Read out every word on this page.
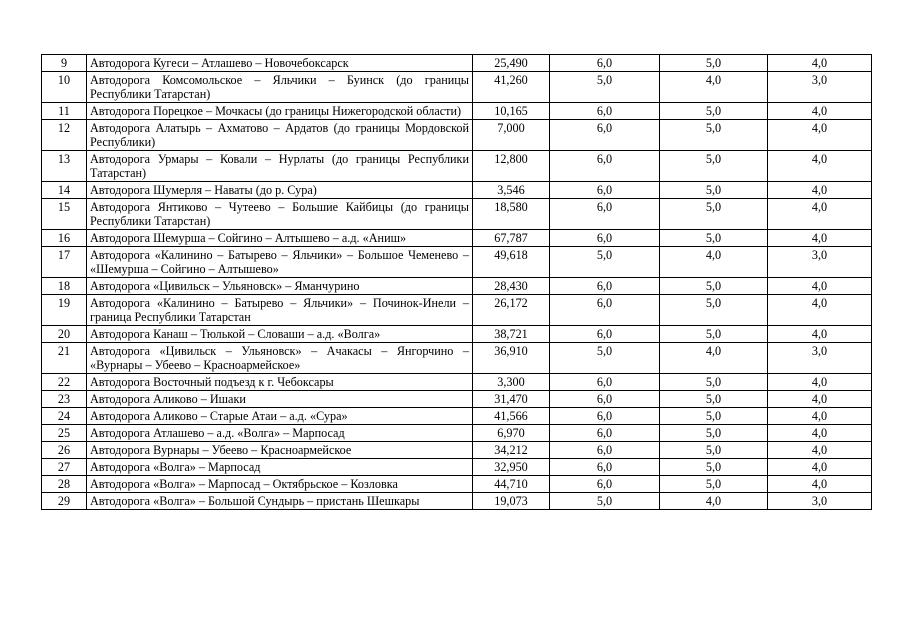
9	Автодорога Кугеси – Атлашево – Новочебоксарск	25,490	6,0	5,0	4,0
10	Автодорога Комсомольское – Яльчики – Буинск (до границы Республики Татарстан)	41,260	5,0	4,0	3,0
11	Автодорога Порецкое – Мочкасы (до границы Нижегородской области)	10,165	6,0	5,0	4,0
12	Автодорога Алатырь – Ахматово – Ардатов (до границы Мордовской Республики)	7,000	6,0	5,0	4,0
13	Автодорога Урмары – Ковали – Нурлаты (до границы Республики Татарстан)	12,800	6,0	5,0	4,0
14	Автодорога Шумерля – Наваты (до р. Сура)	3,546	6,0	5,0	4,0
15	Автодорога Янтиково – Чутеево – Большие Кайбицы (до границы Республики Татарстан)	18,580	6,0	5,0	4,0
16	Автодорога Шемурша – Сойгино – Алтышево – а.д. «Аниш»	67,787	6,0	5,0	4,0
17	Автодорога «Калинино – Батырево – Яльчики» – Большое Чеменево – «Шемурша – Сойгино – Алтышево»	49,618	5,0	4,0	3,0
18	Автодорога «Цивильск – Ульяновск» – Яманчурино	28,430	6,0	5,0	4,0
19	Автодорога «Калинино – Батырево – Яльчики» – Починок-Инели – граница Республики Татарстан	26,172	6,0	5,0	4,0
20	Автодорога Канаш – Тюлькой – Словаши – а.д. «Волга»	38,721	6,0	5,0	4,0
21	Автодорога «Цивильск – Ульяновск» – Ачакасы – Янгорчино – «Вурнары – Убеево – Красноармейское»	36,910	5,0	4,0	3,0
22	Автодорога Восточный подъезд к г. Чебоксары	3,300	6,0	5,0	4,0
23	Автодорога Аликово – Ишаки	31,470	6,0	5,0	4,0
24	Автодорога Аликово – Старые Атаи – а.д. «Сура»	41,566	6,0	5,0	4,0
25	Автодорога Атлашево – а.д. «Волга» – Марпосад	6,970	6,0	5,0	4,0
26	Автодорога Вурнары – Убеево – Красноармейское	34,212	6,0	5,0	4,0
27	Автодорога «Волга» – Марпосад	32,950	6,0	5,0	4,0
28	Автодорога «Волга» – Марпосад – Октябрьское – Козловка	44,710	6,0	5,0	4,0
29	Автодорога «Волга» – Большой Сундырь – пристань Шешкары	19,073	5,0	4,0	3,0
